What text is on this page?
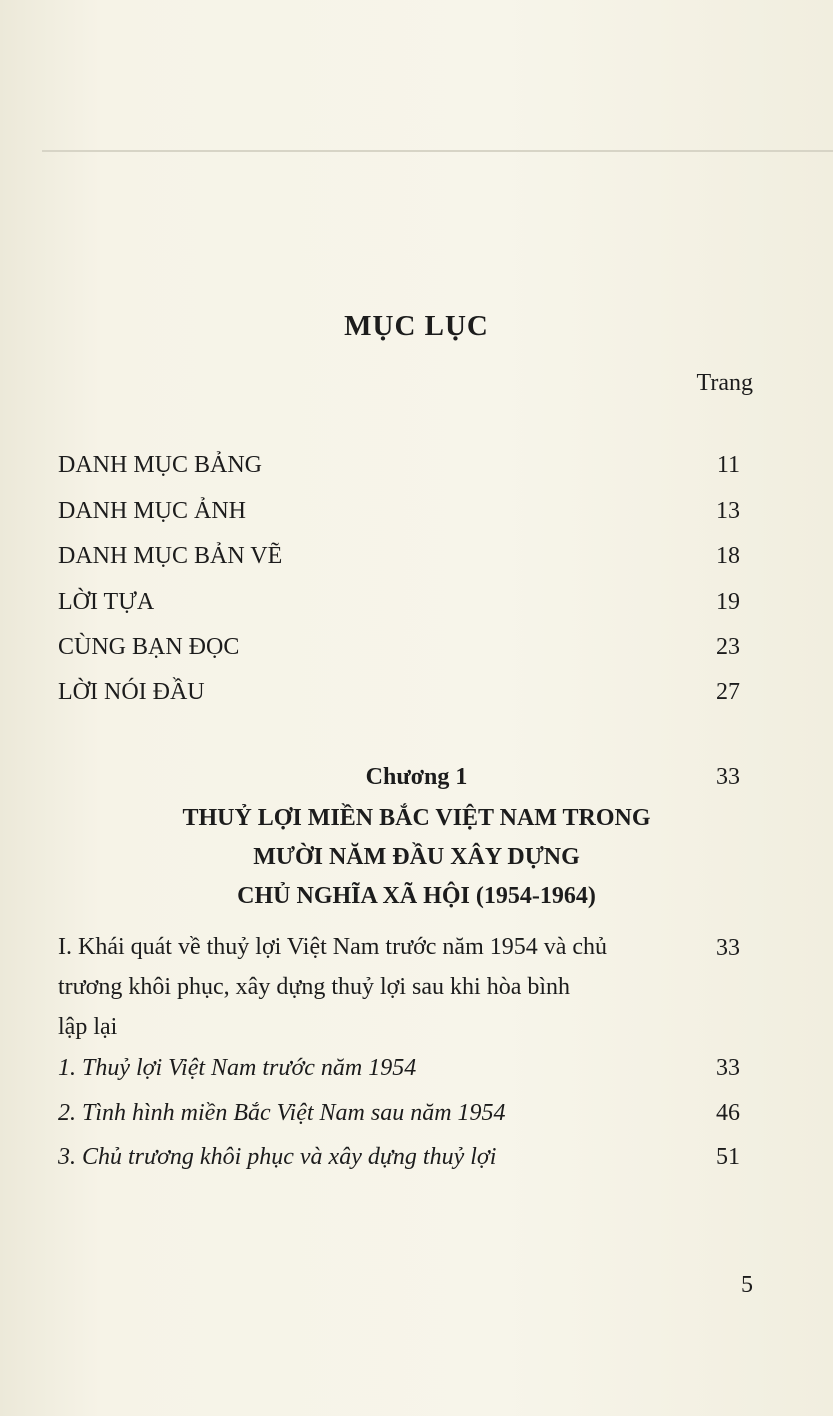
MỤC LỤC
Trang
DANH MỤC BẢNG	11
DANH MỤC ẢNH	13
DANH MỤC BẢN VẼ	18
LỜI TỰA	19
CÙNG BẠN ĐỌC	23
LỜI NÓI ĐẦU	27
Chương 1	33
THUỶ LỢI MIỀN BẮC VIỆT NAM TRONG
MƯỜI NĂM ĐẦU XÂY DỰNG
CHỦ NGHĨA XÃ HỘI (1954-1964)
I. Khái quát về thuỷ lợi Việt Nam trước năm 1954 và chủ
trương khôi phục, xây dựng thuỷ lợi sau khi hòa bình
lập lại
33
1. Thuỷ lợi Việt Nam trước năm 1954	33
2. Tình hình miền Bắc Việt Nam sau năm 1954	46
3. Chủ trương khôi phục và xây dựng thuỷ lợi	51
5
